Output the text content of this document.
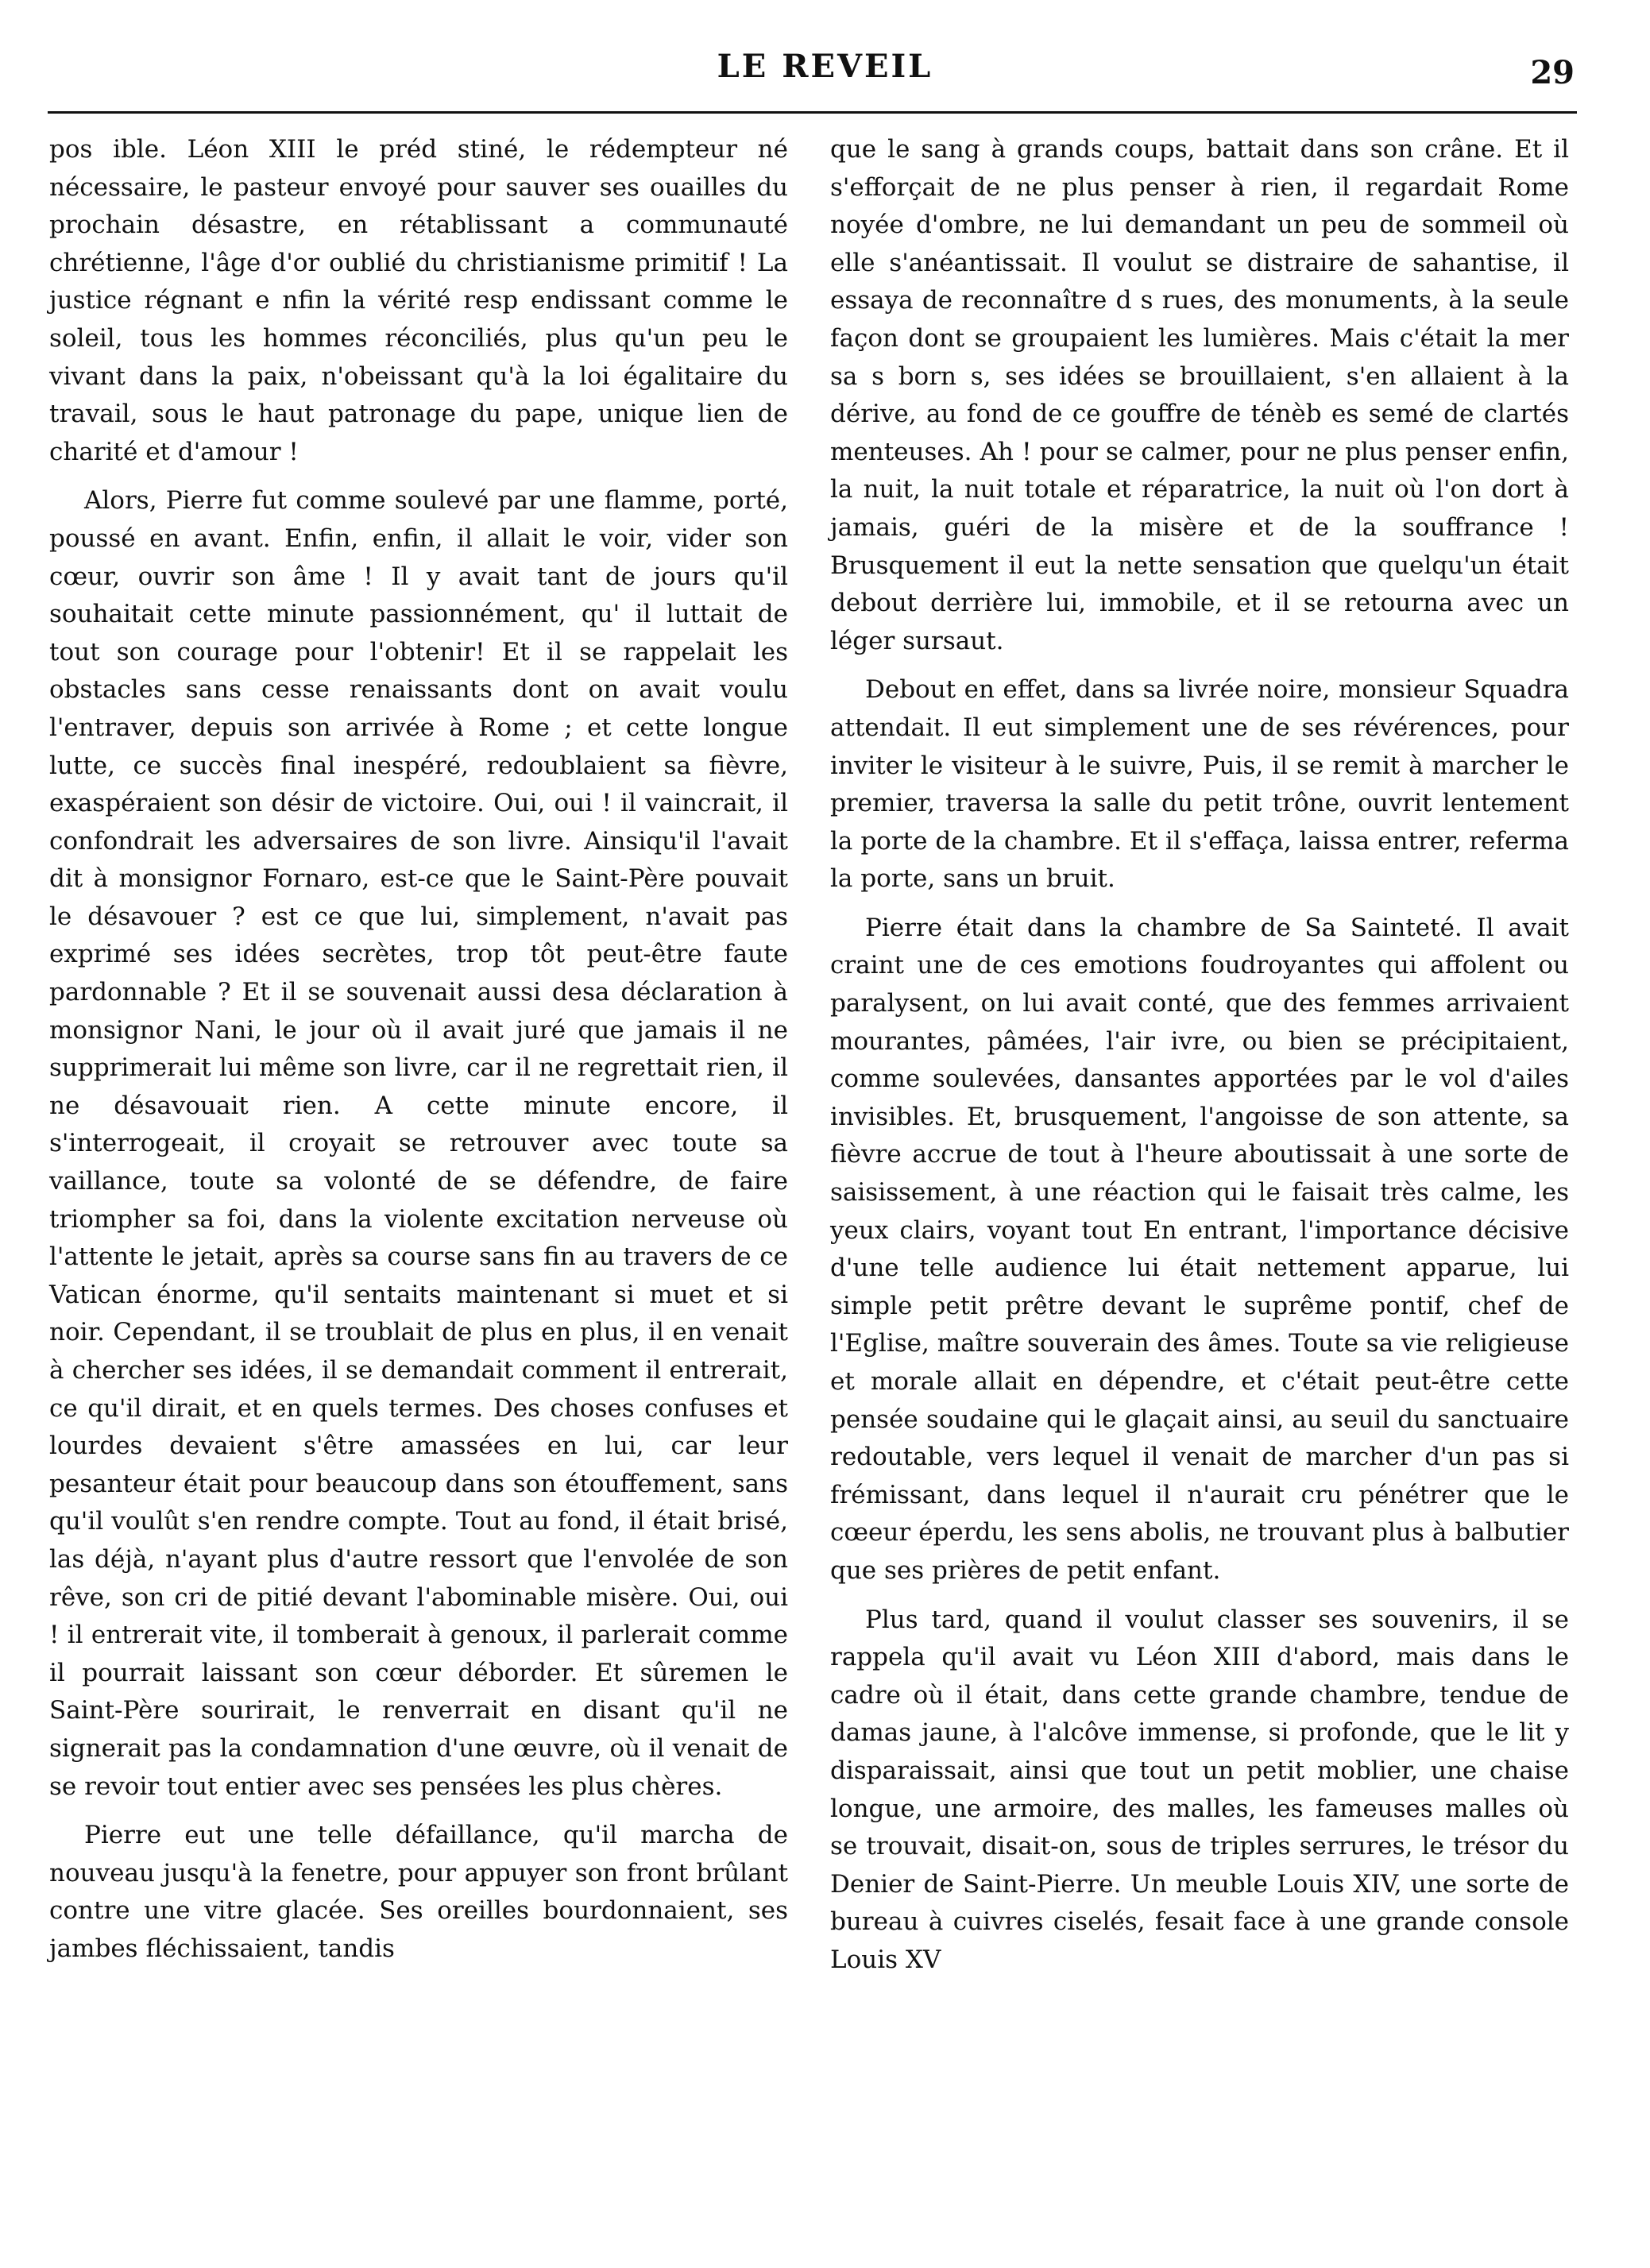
LE REVEIL	29

pos ible. Léon XIII le préd stiné, le rédempteur né nécessaire, le pasteur envoyé pour sauver ses ouailles du prochain désastre, en rétablissant a communauté chrétienne, l'âge d'or oublié du christianisme primitif ! La justice régnant e nfin la vérité resp endissant comme le soleil, tous les hommes réconciliés, plus qu'un peu le vivant dans la paix, n'obeissant qu'à la loi égalitaire du travail, sous le haut patronage du pape, unique lien de charité et d'amour !

Alors, Pierre fut comme soulevé par une flamme, porté, poussé en avant. Enfin, enfin, il allait le voir, vider son cœur, ouvrir son âme ! Il y avait tant de jours qu'il souhaitait cette minute passionnément, qu' il luttait de tout son courage pour l'obtenir! Et il se rappelait les obstacles sans cesse renaissants dont on avait voulu l'entraver, depuis son arrivée à Rome ; et cette longue lutte, ce succès final inespéré, redoublaient sa fièvre, exaspéraient son désir de victoire. Oui, oui ! il vaincrait, il confondrait les adversaires de son livre. Ainsiqu'il l'avait dit à monsignor Fornaro, est-ce que le Saint-Père pouvait le désavouer ? est ce que lui, simplement, n'avait pas exprimé ses idées secrètes, trop tôt peut-être faute pardonnable ? Et il se souvenait aussi desa déclaration à monsignor Nani, le jour où il avait juré que jamais il ne supprimerait lui même son livre, car il ne regrettait rien, il ne désavouait rien. A cette minute encore, il s'interrogeait, il croyait se retrouver avec toute sa vaillance, toute sa volonté de se défendre, de faire triompher sa foi, dans la violente excitation nerveuse où l'attente le jetait, après sa course sans fin au travers de ce Vatican énorme, qu'il sentaits maintenant si muet et si noir. Cependant, il se troublait de plus en plus, il en venait à chercher ses idées, il se demandait comment il entrerait, ce qu'il dirait, et en quels termes. Des choses confuses et lourdes devaient s'être amassées en lui, car leur pesanteur était pour beaucoup dans son étouffement, sans qu'il voulût s'en rendre compte. Tout au fond, il était brisé, las déjà, n'ayant plus d'autre ressort que l'envolée de son rêve, son cri de pitié devant l'abominable misère. Oui, oui ! il entrerait vite, il tomberait à genoux, il parlerait comme il pourrait laissant son cœur déborder. Et sûremen le Saint-Père sourirait, le renverrait en disant qu'il ne signerait pas la condamnation d'une œuvre, où il venait de se revoir tout entier avec ses pensées les plus chères.

Pierre eut une telle défaillance, qu'il marcha de nouveau jusqu'à la fenetre, pour appuyer son front brûlant contre une vitre glacée. Ses oreilles bourdonnaient, ses jambes fléchissaient, tandis

que le sang à grands coups, battait dans son crâne. Et il s'efforçait de ne plus penser à rien, il regardait Rome noyée d'ombre, ne lui demandant un peu de sommeil où elle s'anéantissait. Il voulut se distraire de sahantise, il essaya de reconnaître d s rues, des monuments, à la seule façon dont se groupaient les lumières. Mais c'était la mer sa s born s, ses idées se brouillaient, s'en allaient à la dérive, au fond de ce gouffre de ténèb es semé de clartés menteuses. Ah ! pour se calmer, pour ne plus penser enfin, la nuit, la nuit totale et réparatrice, la nuit où l'on dort à jamais, guéri de la misère et de la souffrance ! Brusquement il eut la nette sensation que quelqu'un était debout derrière lui, immobile, et il se retourna avec un léger sursaut.

Debout en effet, dans sa livrée noire, monsieur Squadra attendait. Il eut simplement une de ses révérences, pour inviter le visiteur à le suivre, Puis, il se remit à marcher le premier, traversa la salle du petit trône, ouvrit lentement la porte de la chambre. Et il s'effaça, laissa entrer, referma la porte, sans un bruit.

Pierre était dans la chambre de Sa Sainteté. Il avait craint une de ces emotions foudroyantes qui affolent ou paralysent, on lui avait conté, que des femmes arrivaient mourantes, pâmées, l'air ivre, ou bien se précipitaient, comme soulevées, dansantes apportées par le vol d'ailes invisibles. Et, brusquement, l'angoisse de son attente, sa fièvre accrue de tout à l'heure aboutissait à une sorte de saisissement, à une réaction qui le faisait très calme, les yeux clairs, voyant tout En entrant, l'importance décisive d'une telle audience lui était nettement apparue, lui simple petit prêtre devant le suprême pontif, chef de l'Eglise, maître souverain des âmes. Toute sa vie religieuse et morale allait en dépendre, et c'était peut-être cette pensée soudaine qui le glaçait ainsi, au seuil du sanctuaire redoutable, vers lequel il venait de marcher d'un pas si frémissant, dans lequel il n'aurait cru pénétrer que le cœeur éperdu, les sens abolis, ne trouvant plus à balbutier que ses prières de petit enfant.

Plus tard, quand il voulut classer ses souvenirs, il se rappela qu'il avait vu Léon XIII d'abord, mais dans le cadre où il était, dans cette grande chambre, tendue de damas jaune, à l'alcôve immense, si profonde, que le lit y disparaissait, ainsi que tout un petit moblier, une chaise longue, une armoire, des malles, les fameuses malles où se trouvait, disait-on, sous de triples serrures, le trésor du Denier de Saint-Pierre. Un meuble Louis XIV, une sorte de bureau à cuivres ciselés, fesait face à une grande console Louis XV
